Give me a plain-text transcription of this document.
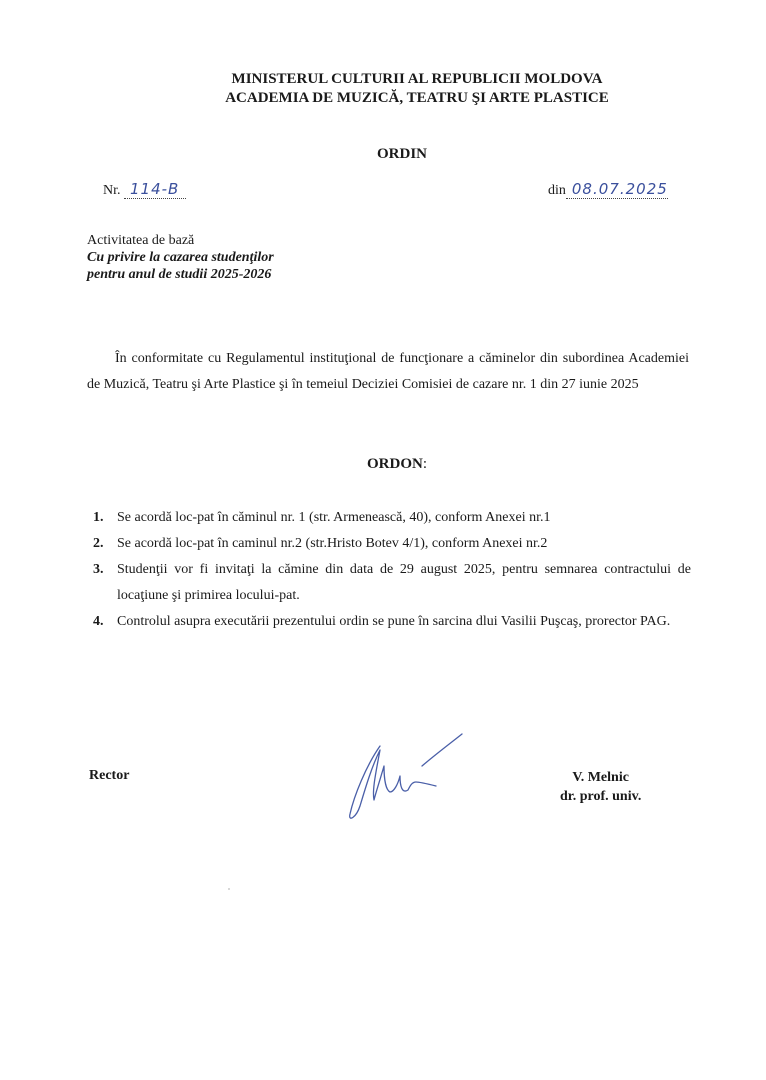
MINISTERUL CULTURII AL REPUBLICII MOLDOVA
ACADEMIA DE MUZICĂ, TEATRU ŞI ARTE PLASTICE
ORDIN
Nr. 114-B	din 08.07.2025
Activitatea de bază
Cu privire la cazarea studenţilor
pentru anul de studii 2025-2026
În conformitate cu Regulamentul instituţional de funcţionare a căminelor din subordinea Academiei de Muzică, Teatru şi Arte Plastice şi în temeiul Deciziei Comisiei de cazare nr. 1 din 27 iunie 2025
ORDON:
1. Se acordă loc-pat în căminul nr. 1 (str. Armenească, 40), conform Anexei nr.1
2. Se acordă loc-pat în caminul nr.2 (str.Hristo Botev 4/1), conform Anexei nr.2
3. Studenţii vor fi invitaţi la cămine din data de 29 august 2025, pentru semnarea contractului de locaţiune şi primirea locului-pat.
4. Controlul asupra executării prezentului ordin se pune în sarcina dlui Vasilii Puşcaş, prorector PAG.
Rector	V. Melnic
dr. prof. univ.
